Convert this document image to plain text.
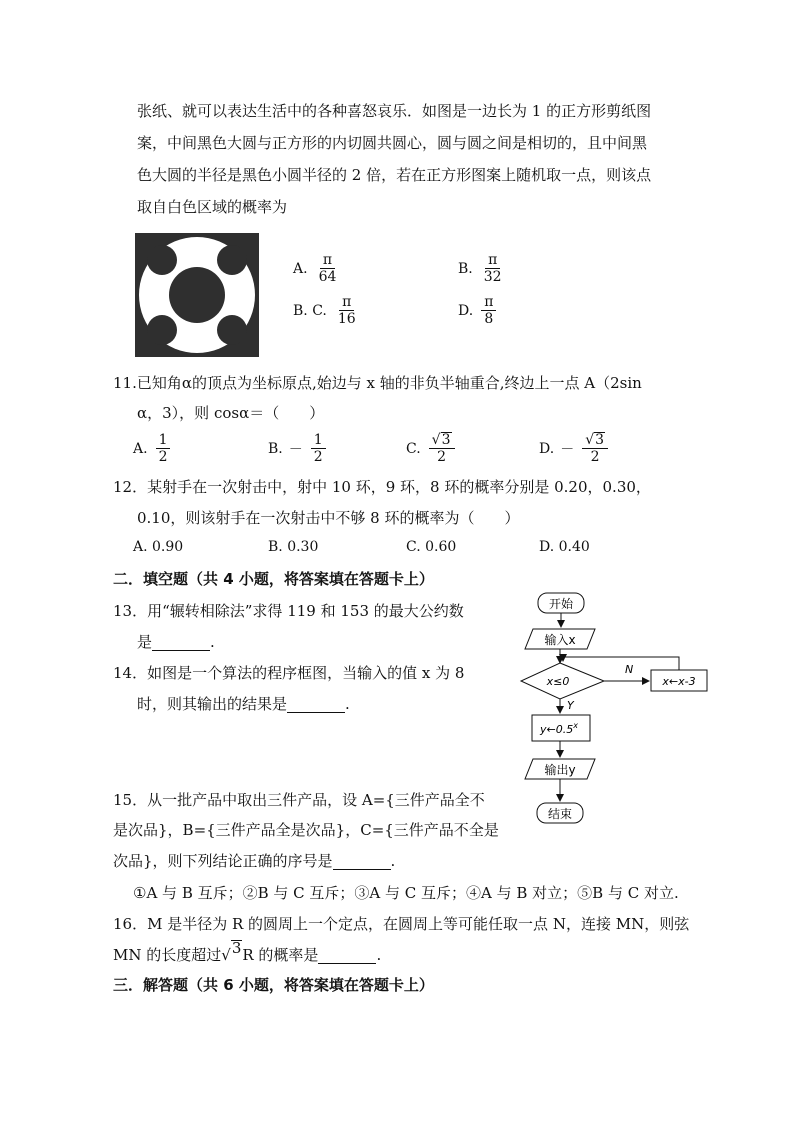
张纸、就可以表达生活中的各种喜怒哀乐．如图是一边长为 1 的正方形剪纸图
案，中间黑色大圆与正方形的内切圆共圆心，圆与圆之间是相切的，且中间黑
色大圆的半径是黑色小圆半径的 2 倍，若在正方形图案上随机取一点，则该点
取自白色区域的概率为
A. $\frac{\pi}{64}$	B. $\frac{\pi}{32}$
B. C. $\frac{\pi}{16}$	D. $\frac{\pi}{8}$
11.已知角α的顶点为坐标原点,始边与 x 轴的非负半轴重合,终边上一点 A（2sin
α，3），则 cosα＝（　　）
A. $\frac{1}{2}$	B. － $\frac{1}{2}$	C. $\frac{√ 3}{2}$	D. － $\frac{√ 3}{2}$
12．某射手在一次射击中，射中 10 环，9 环，8 环的概率分别是 0.20，0.30，
0.10，则该射手在一次射击中不够 8 环的概率为（　　）
A. 0.90	B. 0.30	C. 0.60	D. 0.40
二．填空题（共 4 小题，将答案填在答题卡上）
13．用“辗转相除法”求得 119 和 153 的最大公约数
是	.
14．如图是一个算法的程序框图，当输入的值 x 为 8
时，则其输出的结果是	.
开始
输入x
x≤0
N
x←x-3
Y
y←0.5$^x$
输出y
结束
15．从一批产品中取出三件产品，设 A={三件产品全不
是次品}，B={三件产品全是次品}，C={三件产品不全是
次品}，则下列结论正确的序号是	.
①A 与 B 互斥；②B 与 C 互斥；③A 与 C 互斥；④A 与 B 对立；⑤B 与 C 对立.
16．M 是半径为 R 的圆周上一个定点，在圆周上等可能任取一点 N，连接 MN，则弦
MN 的长度超过√ 3 R 的概率是	.
三．解答题（共 6 小题，将答案填在答题卡上）
